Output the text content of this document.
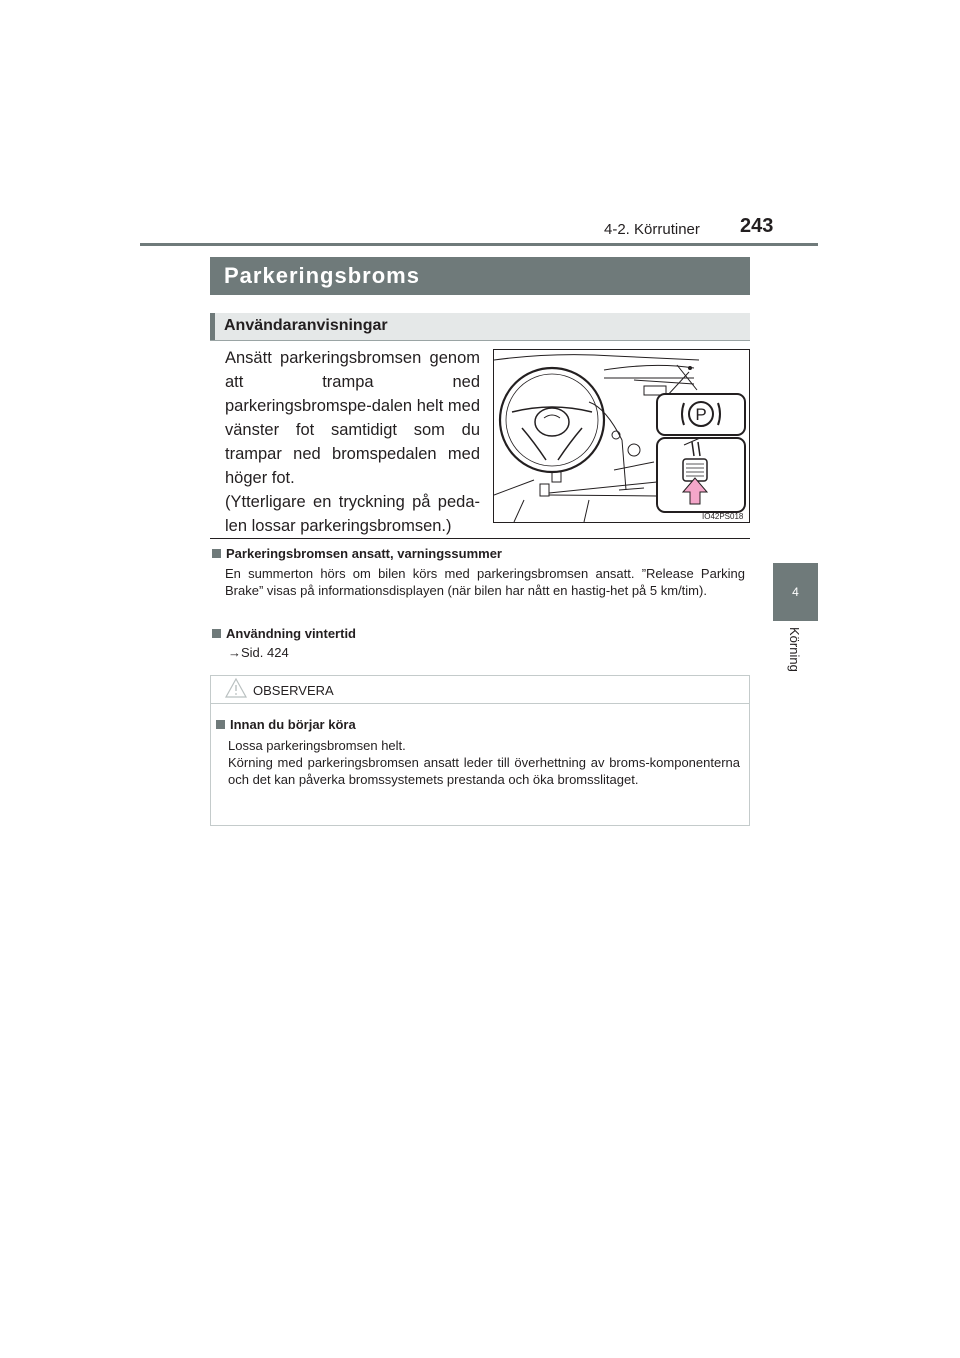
4-2. Körrutiner 243
4
Körning
Parkeringsbroms
Användaranvisningar

Ansätt parkeringsbromsen genom att trampa ned parkeringsbromspe-dalen helt med vänster fot samtidigt som du trampar ned bromspedalen med höger fot.

(Ytterligare en tryckning på peda-len lossar parkeringsbromsen.)

P
IO42PS018
Parkeringsbromsen ansatt, varningssummer
En summerton hörs om bilen körs med parkeringsbromsen ansatt. ”Release Parking Brake” visas på informationsdisplayen (när bilen har nått en hastig-het på 5 km/tim).
Användning vintertid
→Sid. 424
OBSERVERA
Innan du börjar köra

Lossa parkeringsbromsen helt.

Körning med parkeringsbromsen ansatt leder till överhettning av broms-komponenterna och det kan påverka bromssystemets prestanda och öka bromsslitaget.
